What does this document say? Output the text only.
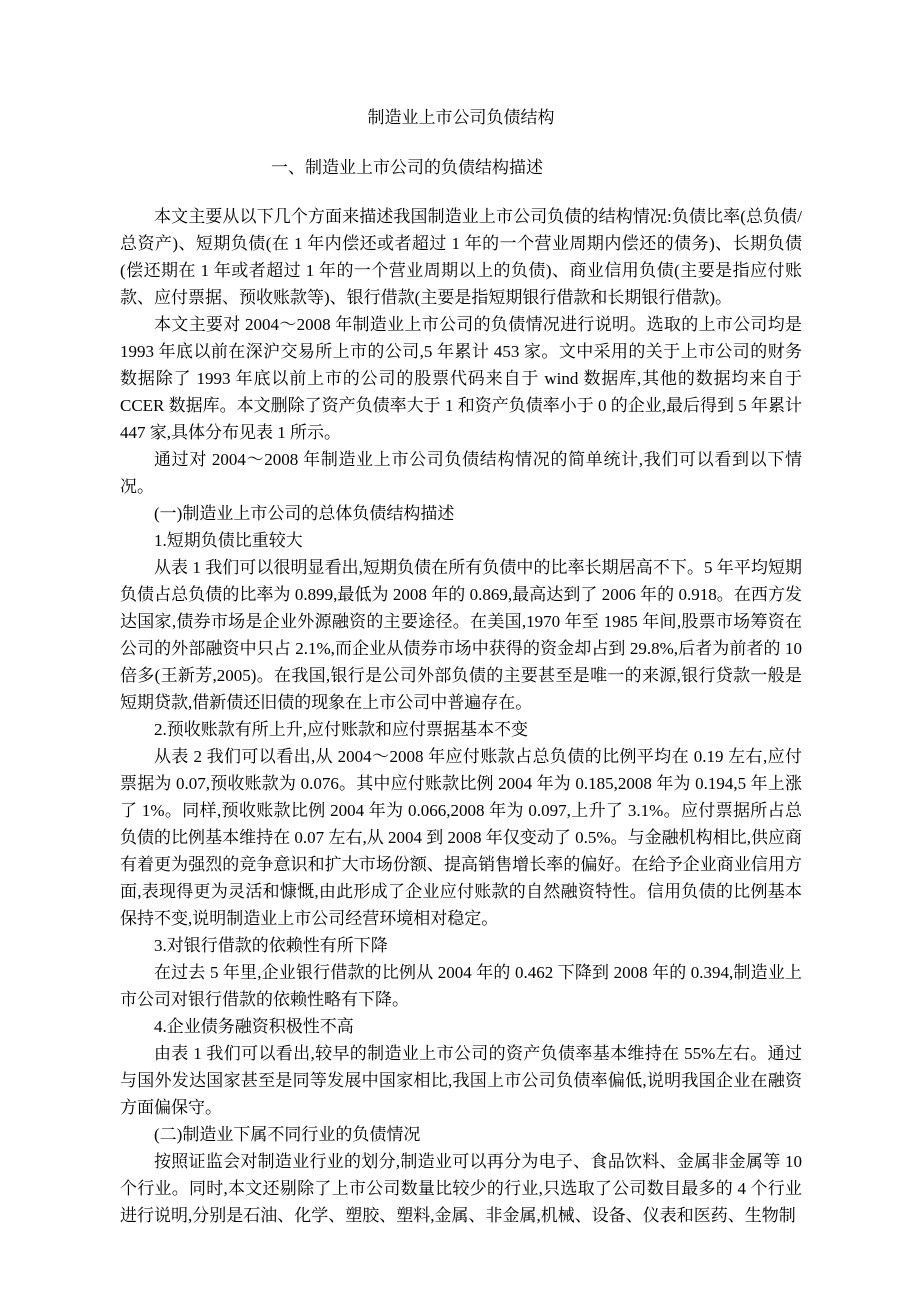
制造业上市公司负债结构
一、制造业上市公司的负债结构描述

本文主要从以下几个方面来描述我国制造业上市公司负债的结构情况:负债比率(总负债/总资产)、短期负债(在 1 年内偿还或者超过 1 年的一个营业周期内偿还的债务)、长期负债(偿还期在 1 年或者超过 1 年的一个营业周期以上的负债)、商业信用负债(主要是指应付账款、应付票据、预收账款等)、银行借款(主要是指短期银行借款和长期银行借款)。

本文主要对 2004～2008 年制造业上市公司的负债情况进行说明。选取的上市公司均是 1993 年底以前在深沪交易所上市的公司,5 年累计 453 家。文中采用的关于上市公司的财务数据除了 1993 年底以前上市的公司的股票代码来自于 wind 数据库,其他的数据均来自于 CCER 数据库。本文删除了资产负债率大于 1 和资产负债率小于 0 的企业,最后得到 5 年累计 447 家,具体分布见表 1 所示。

通过对 2004～2008 年制造业上市公司负债结构情况的简单统计,我们可以看到以下情况。

(一)制造业上市公司的总体负债结构描述

1.短期负债比重较大

从表 1 我们可以很明显看出,短期负债在所有负债中的比率长期居高不下。5 年平均短期负债占总负债的比率为 0.899,最低为 2008 年的 0.869,最高达到了 2006 年的 0.918。在西方发达国家,债券市场是企业外源融资的主要途径。在美国,1970 年至 1985 年间,股票市场筹资在公司的外部融资中只占 2.1%,而企业从债券市场中获得的资金却占到 29.8%,后者为前者的 10 倍多(王新芳,2005)。在我国,银行是公司外部负债的主要甚至是唯一的来源,银行贷款一般是短期贷款,借新债还旧债的现象在上市公司中普遍存在。

2.预收账款有所上升,应付账款和应付票据基本不变

从表 2 我们可以看出,从 2004～2008 年应付账款占总负债的比例平均在 0.19 左右,应付票据为 0.07,预收账款为 0.076。其中应付账款比例 2004 年为 0.185,2008 年为 0.194,5 年上涨了 1%。同样,预收账款比例 2004 年为 0.066,2008 年为 0.097,上升了 3.1%。应付票据所占总负债的比例基本维持在 0.07 左右,从 2004 到 2008 年仅变动了 0.5%。与金融机构相比,供应商有着更为强烈的竞争意识和扩大市场份额、提高销售增长率的偏好。在给予企业商业信用方面,表现得更为灵活和慷慨,由此形成了企业应付账款的自然融资特性。信用负债的比例基本保持不变,说明制造业上市公司经营环境相对稳定。

3.对银行借款的依赖性有所下降

在过去 5 年里,企业银行借款的比例从 2004 年的 0.462 下降到 2008 年的 0.394,制造业上市公司对银行借款的依赖性略有下降。

4.企业债务融资积极性不高

由表 1 我们可以看出,较早的制造业上市公司的资产负债率基本维持在 55%左右。通过与国外发达国家甚至是同等发展中国家相比,我国上市公司负债率偏低,说明我国企业在融资方面偏保守。

(二)制造业下属不同行业的负债情况

按照证监会对制造业行业的划分,制造业可以再分为电子、食品饮料、金属非金属等 10 个行业。同时,本文还剔除了上市公司数量比较少的行业,只选取了公司数目最多的 4 个行业进行说明,分别是石油、化学、塑胶、塑料,金属、非金属,机械、设备、仪表和医药、生物制
